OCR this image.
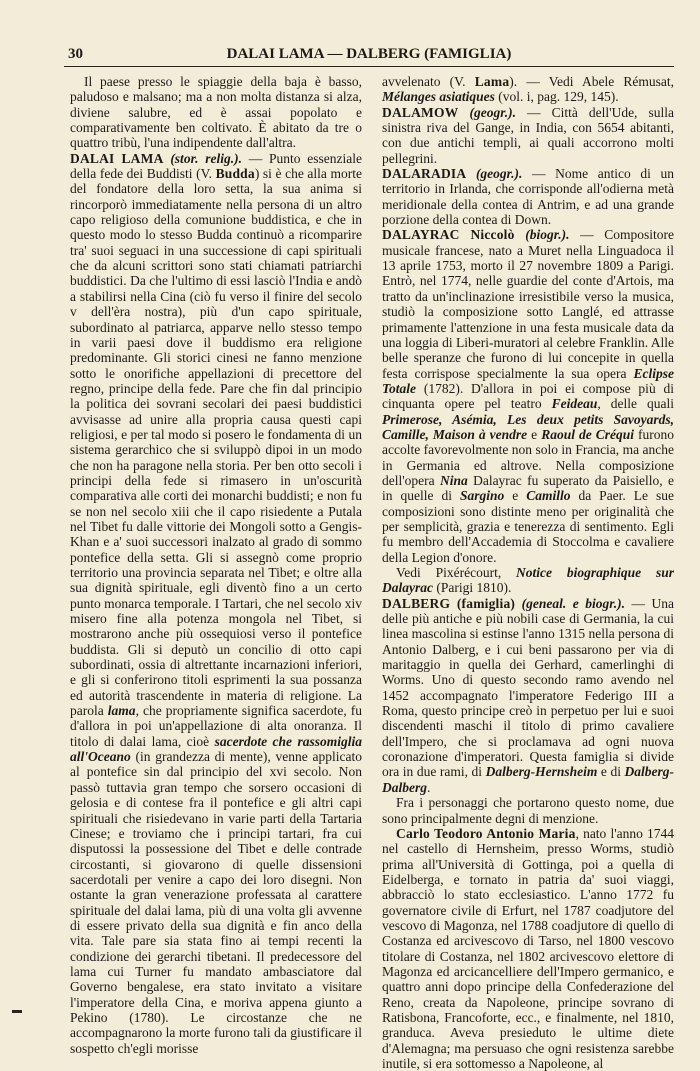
30	DALAI LAMA — DALBERG (FAMIGLIA)

Il paese presso le spiaggie della baja è basso, paludoso e malsano; ma a non molta distanza si alza, diviene salubre, ed è assai popolato e comparativamente ben coltivato. È abitato da tre o quattro tribù, l'una indipendente dall'altra.

DALAI LAMA (stor. relig.). — Punto essenziale della fede dei Buddisti (V. Budda) si è che alla morte del fondatore della loro setta, la sua anima si rincorporò immediatamente nella persona di un altro capo religioso della comunione buddistica, e che in questo modo lo stesso Budda continuò a ricomparire tra' suoi seguaci in una successione di capi spirituali che da alcuni scrittori sono stati chiamati patriarchi buddistici. Da che l'ultimo di essi lasciò l'India e andò a stabilirsi nella Cina (ciò fu verso il finire del secolo v dell'èra nostra), più d'un capo spirituale, subordinato al patriarca, apparve nello stesso tempo in varii paesi dove il buddismo era religione predominante. Gli storici cinesi ne fanno menzione sotto le onorifiche appellazioni di precettore del regno, principe della fede. Pare che fin dal principio la politica dei sovrani secolari dei paesi buddistici avvisasse ad unire alla propria causa questi capi religiosi, e per tal modo si posero le fondamenta di un sistema gerarchico che si sviluppò dipoi in un modo che non ha paragone nella storia. Per ben otto secoli i principi della fede si rimasero in un'oscurità comparativa alle corti dei monarchi buddisti; e non fu se non nel secolo xiii che il capo risiedente a Putala nel Tibet fu dalle vittorie dei Mongoli sotto a Gengis-Khan e a' suoi successori inalzato al grado di sommo pontefice della setta. Gli si assegnò come proprio territorio una provincia separata nel Tibet; e oltre alla sua dignità spirituale, egli diventò fino a un certo punto monarca temporale. I Tartari, che nel secolo xiv misero fine alla potenza mongola nel Tibet, si mostrarono anche più ossequiosi verso il pontefice buddista. Gli si deputò un concilio di otto capi subordinati, ossia di altrettante incarnazioni inferiori, e gli si conferirono titoli esprimenti la sua possanza ed autorità trascendente in materia di religione. La parola lama, che propriamente significa sacerdote, fu d'allora in poi un'appellazione di alta onoranza. Il titolo di dalai lama, cioè sacerdote che rassomiglia all'Oceano (in grandezza di mente), venne applicato al pontefice sin dal principio del xvi secolo. Non passò tuttavia gran tempo che sorsero occasioni di gelosia e di contese fra il pontefice e gli altri capi spirituali che risiedevano in varie parti della Tartaria Cinese; e troviamo che i principi tartari, fra cui disputossi la possessione del Tibet e delle contrade circostanti, si giovarono di quelle dissensioni sacerdotali per venire a capo dei loro disegni. Non ostante la gran venerazione professata al carattere spirituale del dalai lama, più di una volta gli avvenne di essere privato della sua dignità e fin anco della vita. Tale pare sia stata fino ai tempi recenti la condizione dei gerarchi tibetani. Il predecessore del lama cui Turner fu mandato ambasciatore dal Governo bengalese, era stato invitato a visitare l'imperatore della Cina, e moriva appena giunto a Pekino (1780). Le circostanze che ne accompagnarono la morte furono tali da giustificare il sospetto ch'egli morisse

avvelenato (V. Lama). — Vedi Abele Rémusat, Mélanges asiatiques (vol. i, pag. 129, 145).

DALAMOW (geogr.). — Città dell'Ude, sulla sinistra riva del Gange, in India, con 5654 abitanti, con due antichi templi, ai quali accorrono molti pellegrini.

DALARADIA (geogr.). — Nome antico di un territorio in Irlanda, che corrisponde all'odierna metà meridionale della contea di Antrim, e ad una grande porzione della contea di Down.

DALAYRAC Niccolò (biogr.). — Compositore musicale francese, nato a Muret nella Linguadoca il 13 aprile 1753, morto il 27 novembre 1809 a Parigi. Entrò, nel 1774, nelle guardie del conte d'Artois, ma tratto da un'inclinazione irresistibile verso la musica, studiò la composizione sotto Langlé, ed attrasse primamente l'attenzione in una festa musicale data da una loggia di Liberi-muratori al celebre Franklin. Alle belle speranze che furono di lui concepite in quella festa corrispose specialmente la sua opera Eclipse Totale (1782). D'allora in poi ei compose più di cinquanta opere pel teatro Feideau, delle quali Primerose, Asémia, Les deux petits Savoyards, Camille, Maison à vendre e Raoul de Créqui furono accolte favorevolmente non solo in Francia, ma anche in Germania ed altrove. Nella composizione dell'opera Nina Dalayrac fu superato da Paisiello, e in quelle di Sargino e Camillo da Paer. Le sue composizioni sono distinte meno per originalità che per semplicità, grazia e tenerezza di sentimento. Egli fu membro dell'Accademia di Stoccolma e cavaliere della Legion d'onore.

Vedi Pixérécourt, Notice biographique sur Dalayrac (Parigi 1810).

DALBERG (famiglia) (geneal. e biogr.). — Una delle più antiche e più nobili case di Germania, la cui linea mascolina si estinse l'anno 1315 nella persona di Antonio Dalberg, e i cui beni passarono per via di maritaggio in quella dei Gerhard, camerlinghi di Worms. Uno di questo secondo ramo avendo nel 1452 accompagnato l'imperatore Federigo III a Roma, questo principe creò in perpetuo per lui e suoi discendenti maschi il titolo di primo cavaliere dell'Impero, che si proclamava ad ogni nuova coronazione d'imperatori. Questa famiglia si divide ora in due rami, di Dalberg-Hernsheim e di Dalberg-Dalberg.

Fra i personaggi che portarono questo nome, due sono principalmente degni di menzione.

Carlo Teodoro Antonio Maria, nato l'anno 1744 nel castello di Hernsheim, presso Worms, studiò prima all'Università di Gottinga, poi a quella di Eidelberga, e tornato in patria da' suoi viaggi, abbracciò lo stato ecclesiastico. L'anno 1772 fu governatore civile di Erfurt, nel 1787 coadjutore del vescovo di Magonza, nel 1788 coadjutore di quello di Costanza ed arcivescovo di Tarso, nel 1800 vescovo titolare di Costanza, nel 1802 arcivescovo elettore di Magonza ed arcicancelliere dell'Impero germanico, e quattro anni dopo principe della Confederazione del Reno, creata da Napoleone, principe sovrano di Ratisbona, Francoforte, ecc., e finalmente, nel 1810, granduca. Aveva presieduto le ultime diete d'Alemagna; ma persuaso che ogni resistenza sarebbe inutile, si era sottomesso a Napoleone, al
